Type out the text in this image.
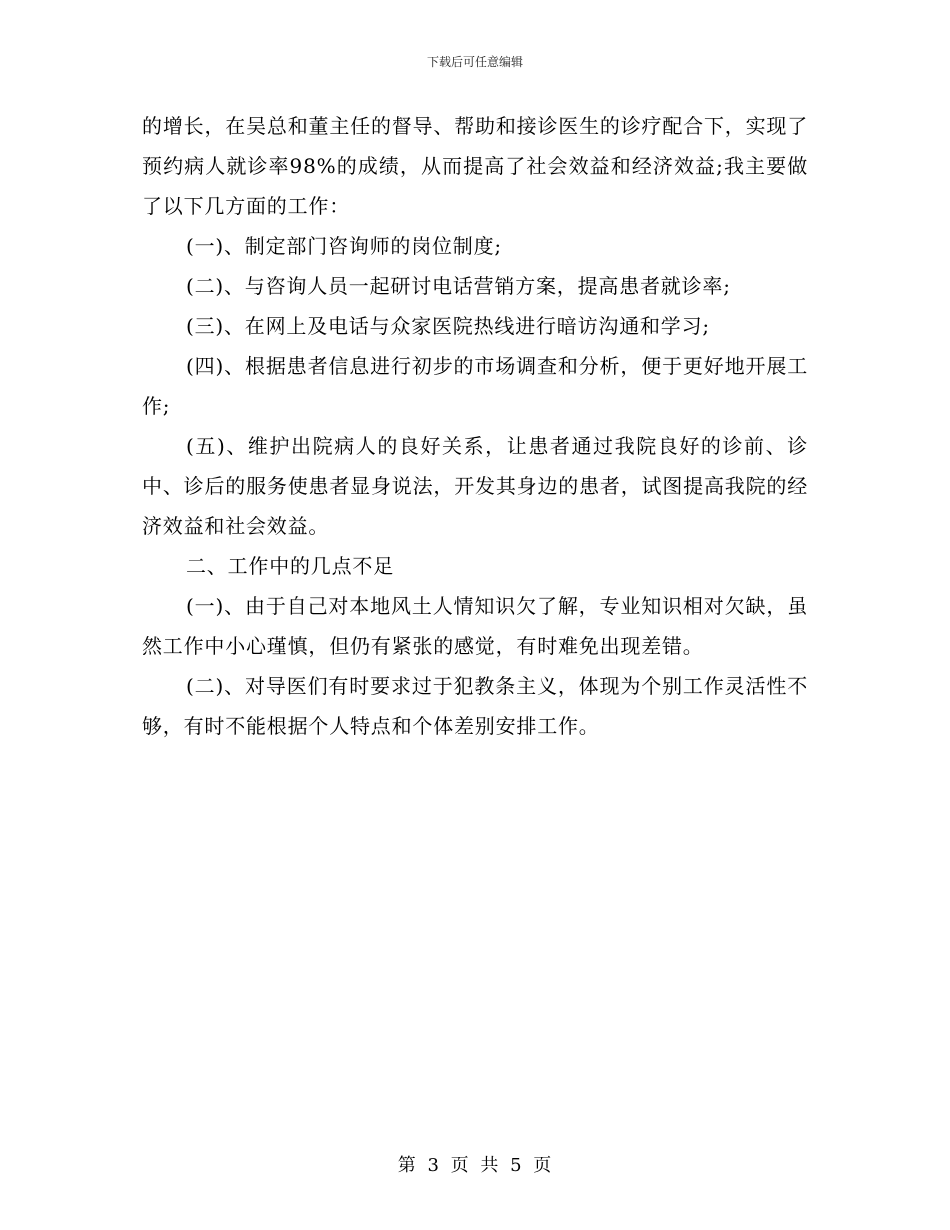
下载后可任意编辑

的增长，在吴总和董主任的督导、帮助和接诊医生的诊疗配合下，实现了预约病人就诊率98%的成绩，从而提高了社会效益和经济效益;我主要做了以下几方面的工作：

(一)、制定部门咨询师的岗位制度;

(二)、与咨询人员一起研讨电话营销方案，提高患者就诊率;

(三)、在网上及电话与众家医院热线进行暗访沟通和学习;

(四)、根据患者信息进行初步的市场调查和分析，便于更好地开展工作;

(五)、维护出院病人的良好关系，让患者通过我院良好的诊前、诊中、诊后的服务使患者显身说法，开发其身边的患者，试图提高我院的经济效益和社会效益。

二、工作中的几点不足

(一)、由于自己对本地风土人情知识欠了解，专业知识相对欠缺，虽然工作中小心瑾慎，但仍有紧张的感觉，有时难免出现差错。

(二)、对导医们有时要求过于犯教条主义，体现为个别工作灵活性不够，有时不能根据个人特点和个体差别安排工作。

第 3 页 共 5 页
